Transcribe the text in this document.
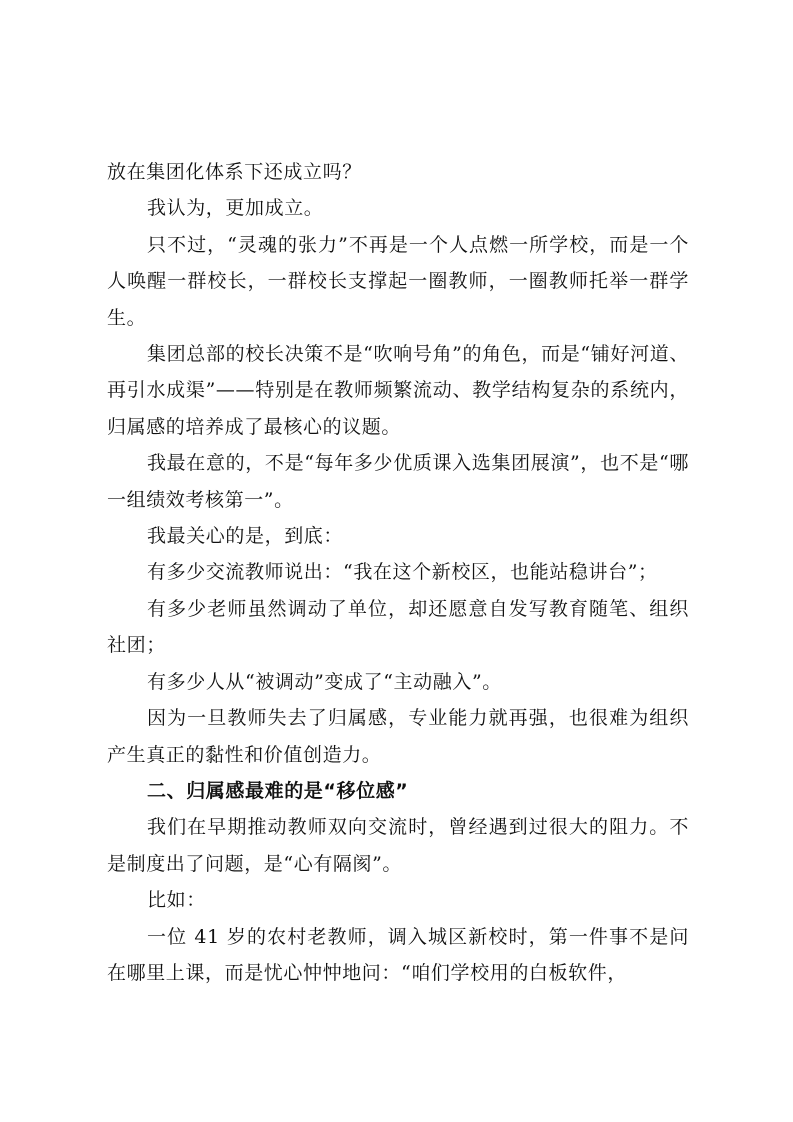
放在集团化体系下还成立吗？

我认为，更加成立。

只不过，“灵魂的张力”不再是一个人点燃一所学校，而是一个人唤醒一群校长，一群校长支撑起一圈教师，一圈教师托举一群学生。

集团总部的校长决策不是“吹响号角”的角色，而是“铺好河道、再引水成渠”——特别是在教师频繁流动、教学结构复杂的系统内，归属感的培养成了最核心的议题。

我最在意的，不是“每年多少优质课入选集团展演”，也不是“哪一组绩效考核第一”。

我最关心的是，到底：

有多少交流教师说出：“我在这个新校区，也能站稳讲台”；

有多少老师虽然调动了单位，却还愿意自发写教育随笔、组织社团；

有多少人从“被调动”变成了“主动融入”。

因为一旦教师失去了归属感，专业能力就再强，也很难为组织产生真正的黏性和价值创造力。

二、归属感最难的是“移位感”

我们在早期推动教师双向交流时，曾经遇到过很大的阻力。不是制度出了问题，是“心有隔阂”。

比如：

一位 41 岁的农村老教师，调入城区新校时，第一件事不是问在哪里上课，而是忧心忡忡地问：“咱们学校用的白板软件，
